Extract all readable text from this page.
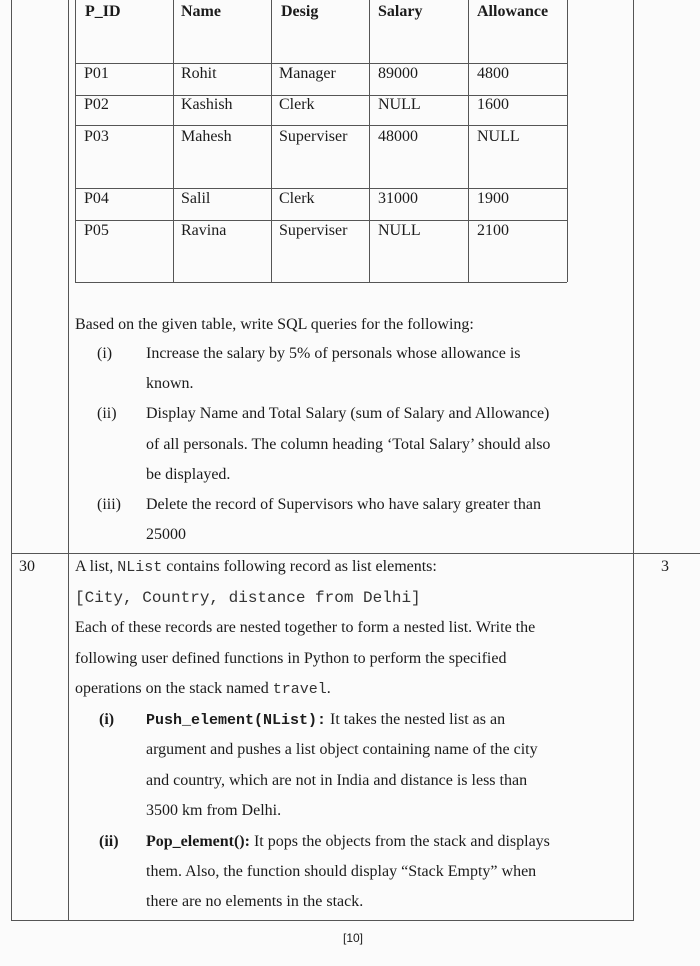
P_ID	Name	Desig	Salary	Allowance
P01	Rohit	Manager	89000	4800
P02	Kashish	Clerk	NULL	1600
P03	Mahesh	Superviser 48000	NULL
P04	Salil	Clerk	31000	1900
P05	Ravina	Superviser NULL	2100
Based on the given table, write SQL queries for the following:
(i) Increase the salary by 5% of personals whose allowance is
known.
(ii) Display Name and Total Salary (sum of Salary and Allowance)
of all personals. The column heading ‘Total Salary’ should also
be displayed.
(iii) Delete the record of Supervisors who have salary greater than
25000
30	3
A list, NList contains following record as list elements:
[City, Country, distance from Delhi]
Each of these records are nested together to form a nested list. Write the
following user defined functions in Python to perform the specified
operations on the stack named travel.
(i) Push_element(NList): It takes the nested list as an
argument and pushes a list object containing name of the city
and country, which are not in India and distance is less than
3500 km from Delhi.
(ii) Pop_element(): It pops the objects from the stack and displays
them. Also, the function should display “Stack Empty” when
there are no elements in the stack.
[10]
